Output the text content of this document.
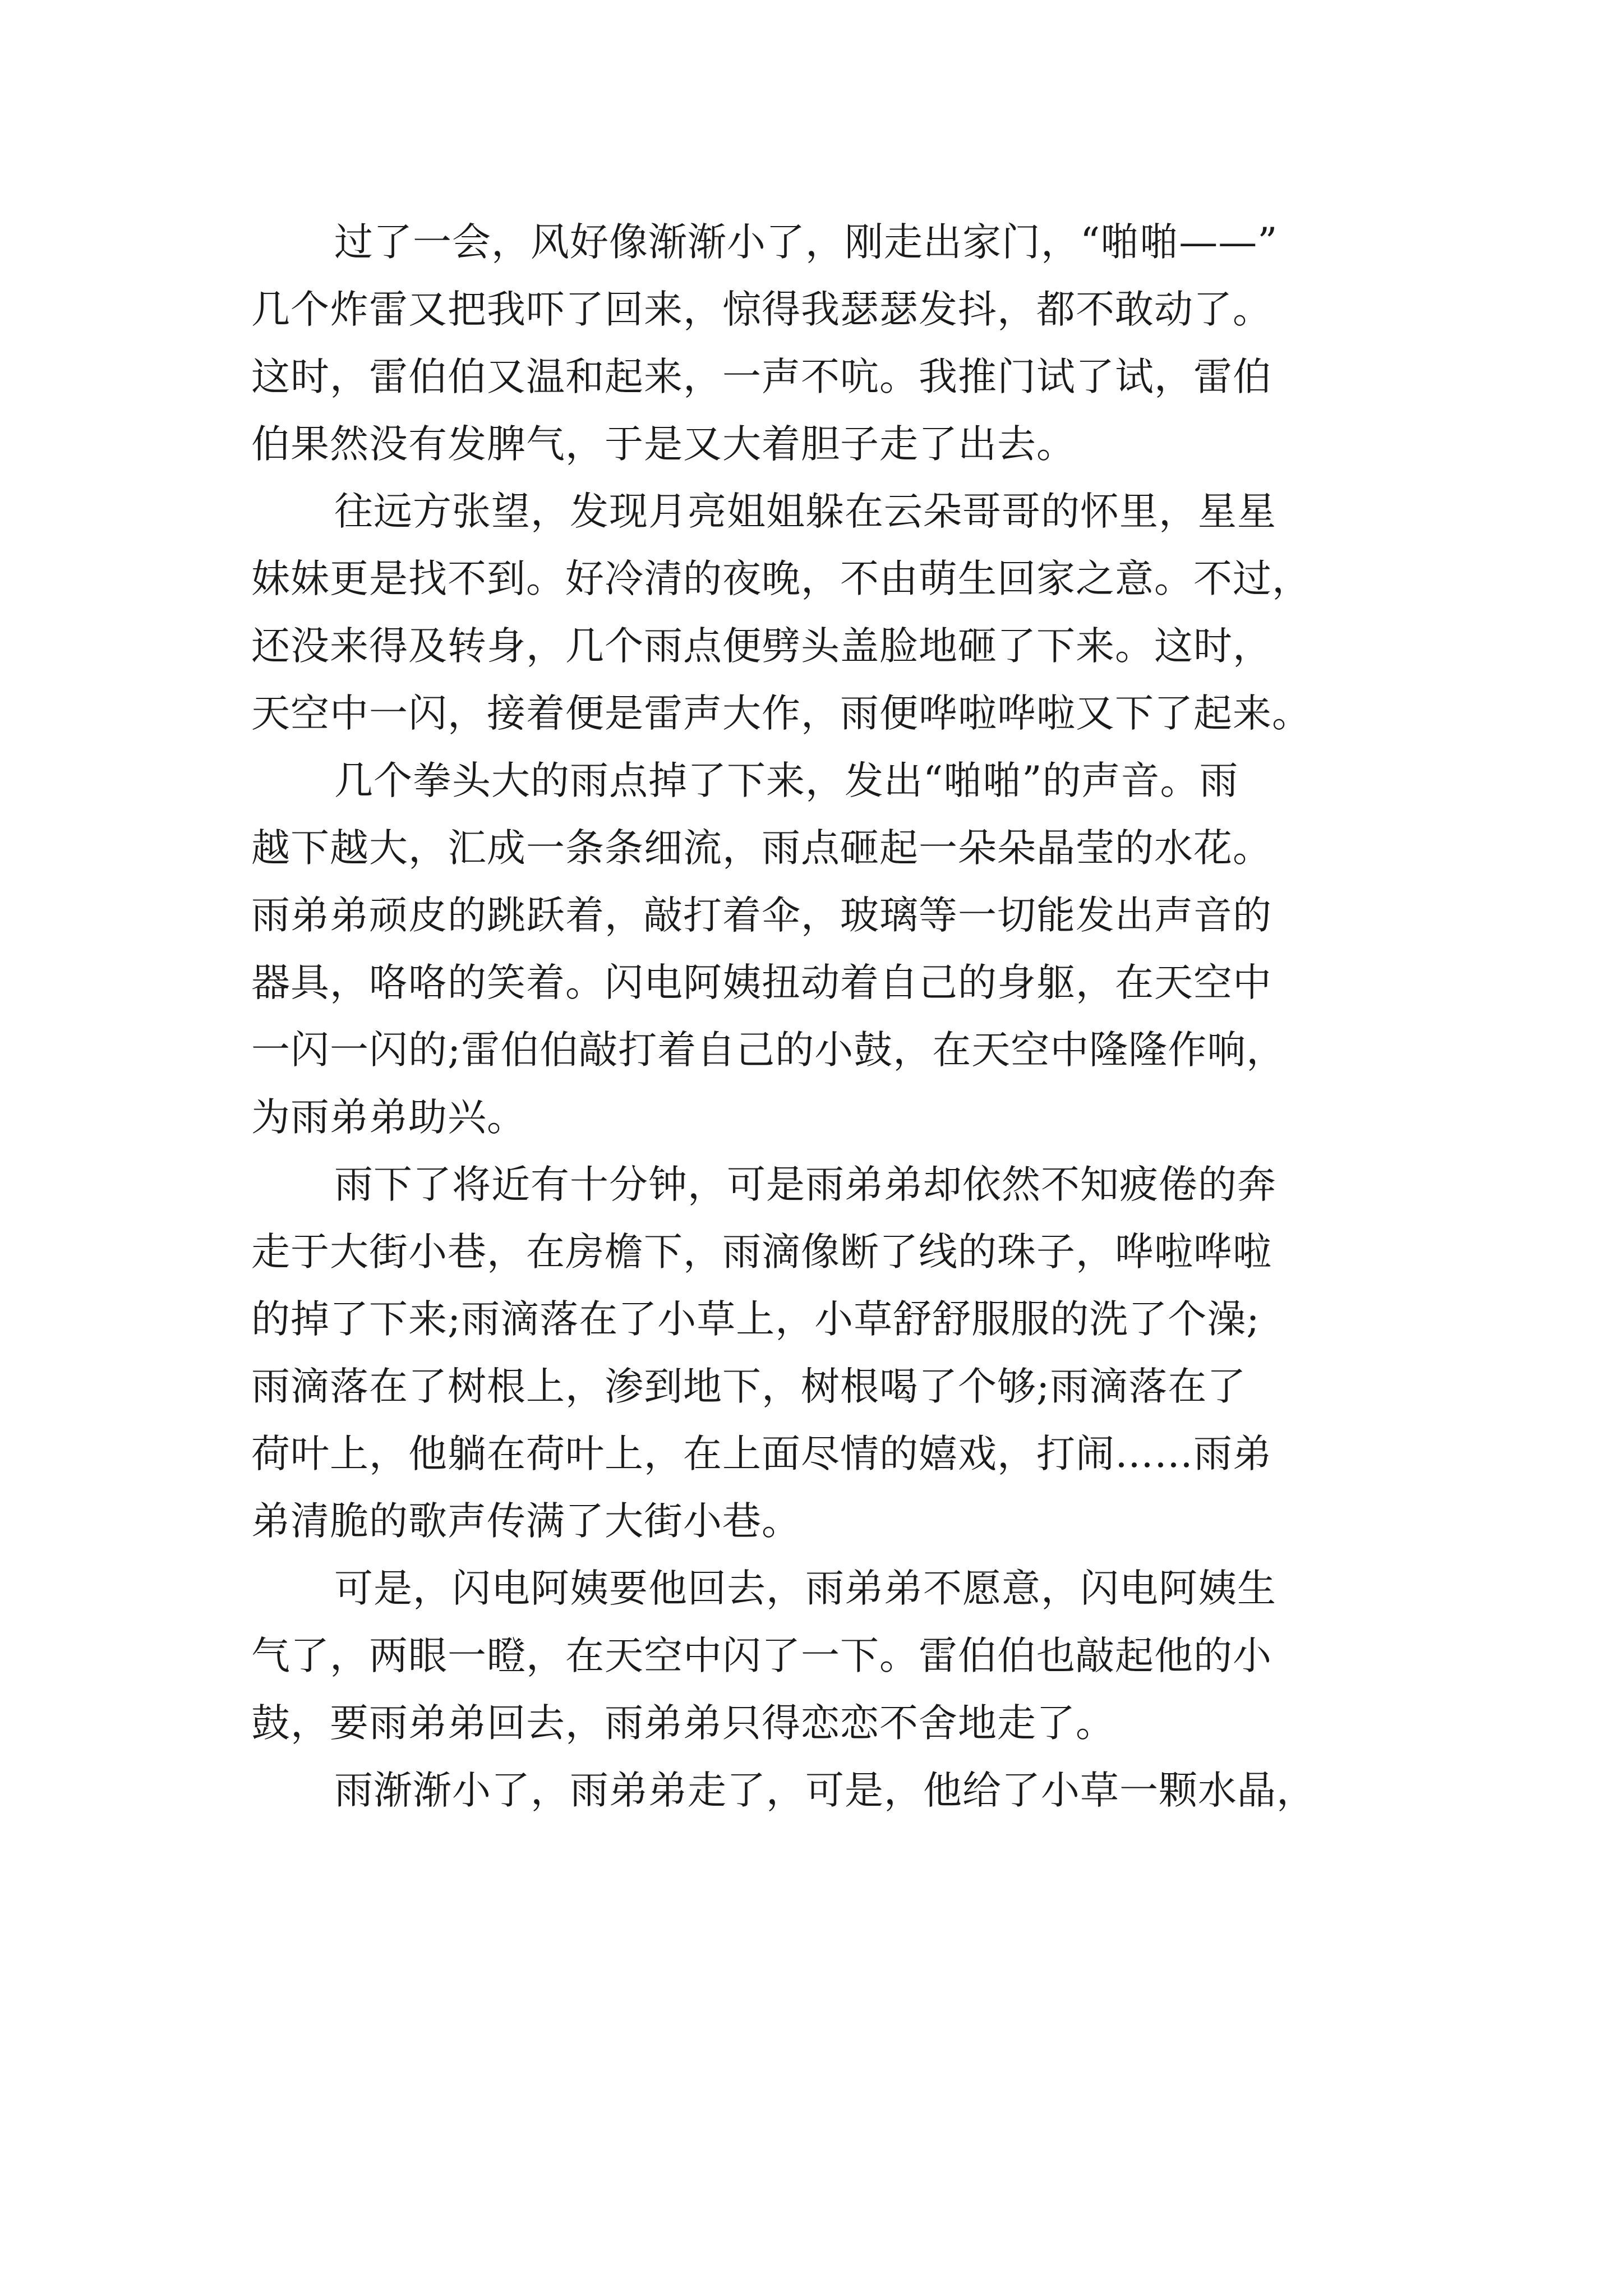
过了一会，风好像渐渐小了，刚走出家门，“啪啪——”
几个炸雷又把我吓了回来，惊得我瑟瑟发抖，都不敢动了。
这时，雷伯伯又温和起来，一声不吭。我推门试了试，雷伯
伯果然没有发脾气，于是又大着胆子走了出去。
往远方张望，发现月亮姐姐躲在云朵哥哥的怀里，星星
妹妹更是找不到。好冷清的夜晚，不由萌生回家之意。不过，
还没来得及转身，几个雨点便劈头盖脸地砸了下来。这时，
天空中一闪，接着便是雷声大作，雨便哗啦哗啦又下了起来。
几个拳头大的雨点掉了下来，发出“啪啪”的声音。雨
越下越大，汇成一条条细流，雨点砸起一朵朵晶莹的水花。
雨弟弟顽皮的跳跃着，敲打着伞，玻璃等一切能发出声音的
器具，咯咯的笑着。闪电阿姨扭动着自己的身躯，在天空中
一闪一闪的;雷伯伯敲打着自己的小鼓，在天空中隆隆作响，
为雨弟弟助兴。
雨下了将近有十分钟，可是雨弟弟却依然不知疲倦的奔
走于大街小巷，在房檐下，雨滴像断了线的珠子，哗啦哗啦
的掉了下来;雨滴落在了小草上，小草舒舒服服的洗了个澡;
雨滴落在了树根上，渗到地下，树根喝了个够;雨滴落在了
荷叶上，他躺在荷叶上，在上面尽情的嬉戏，打闹……雨弟
弟清脆的歌声传满了大街小巷。
可是，闪电阿姨要他回去，雨弟弟不愿意，闪电阿姨生
气了，两眼一瞪，在天空中闪了一下。雷伯伯也敲起他的小
鼓，要雨弟弟回去，雨弟弟只得恋恋不舍地走了。
雨渐渐小了，雨弟弟走了，可是，他给了小草一颗水晶，
